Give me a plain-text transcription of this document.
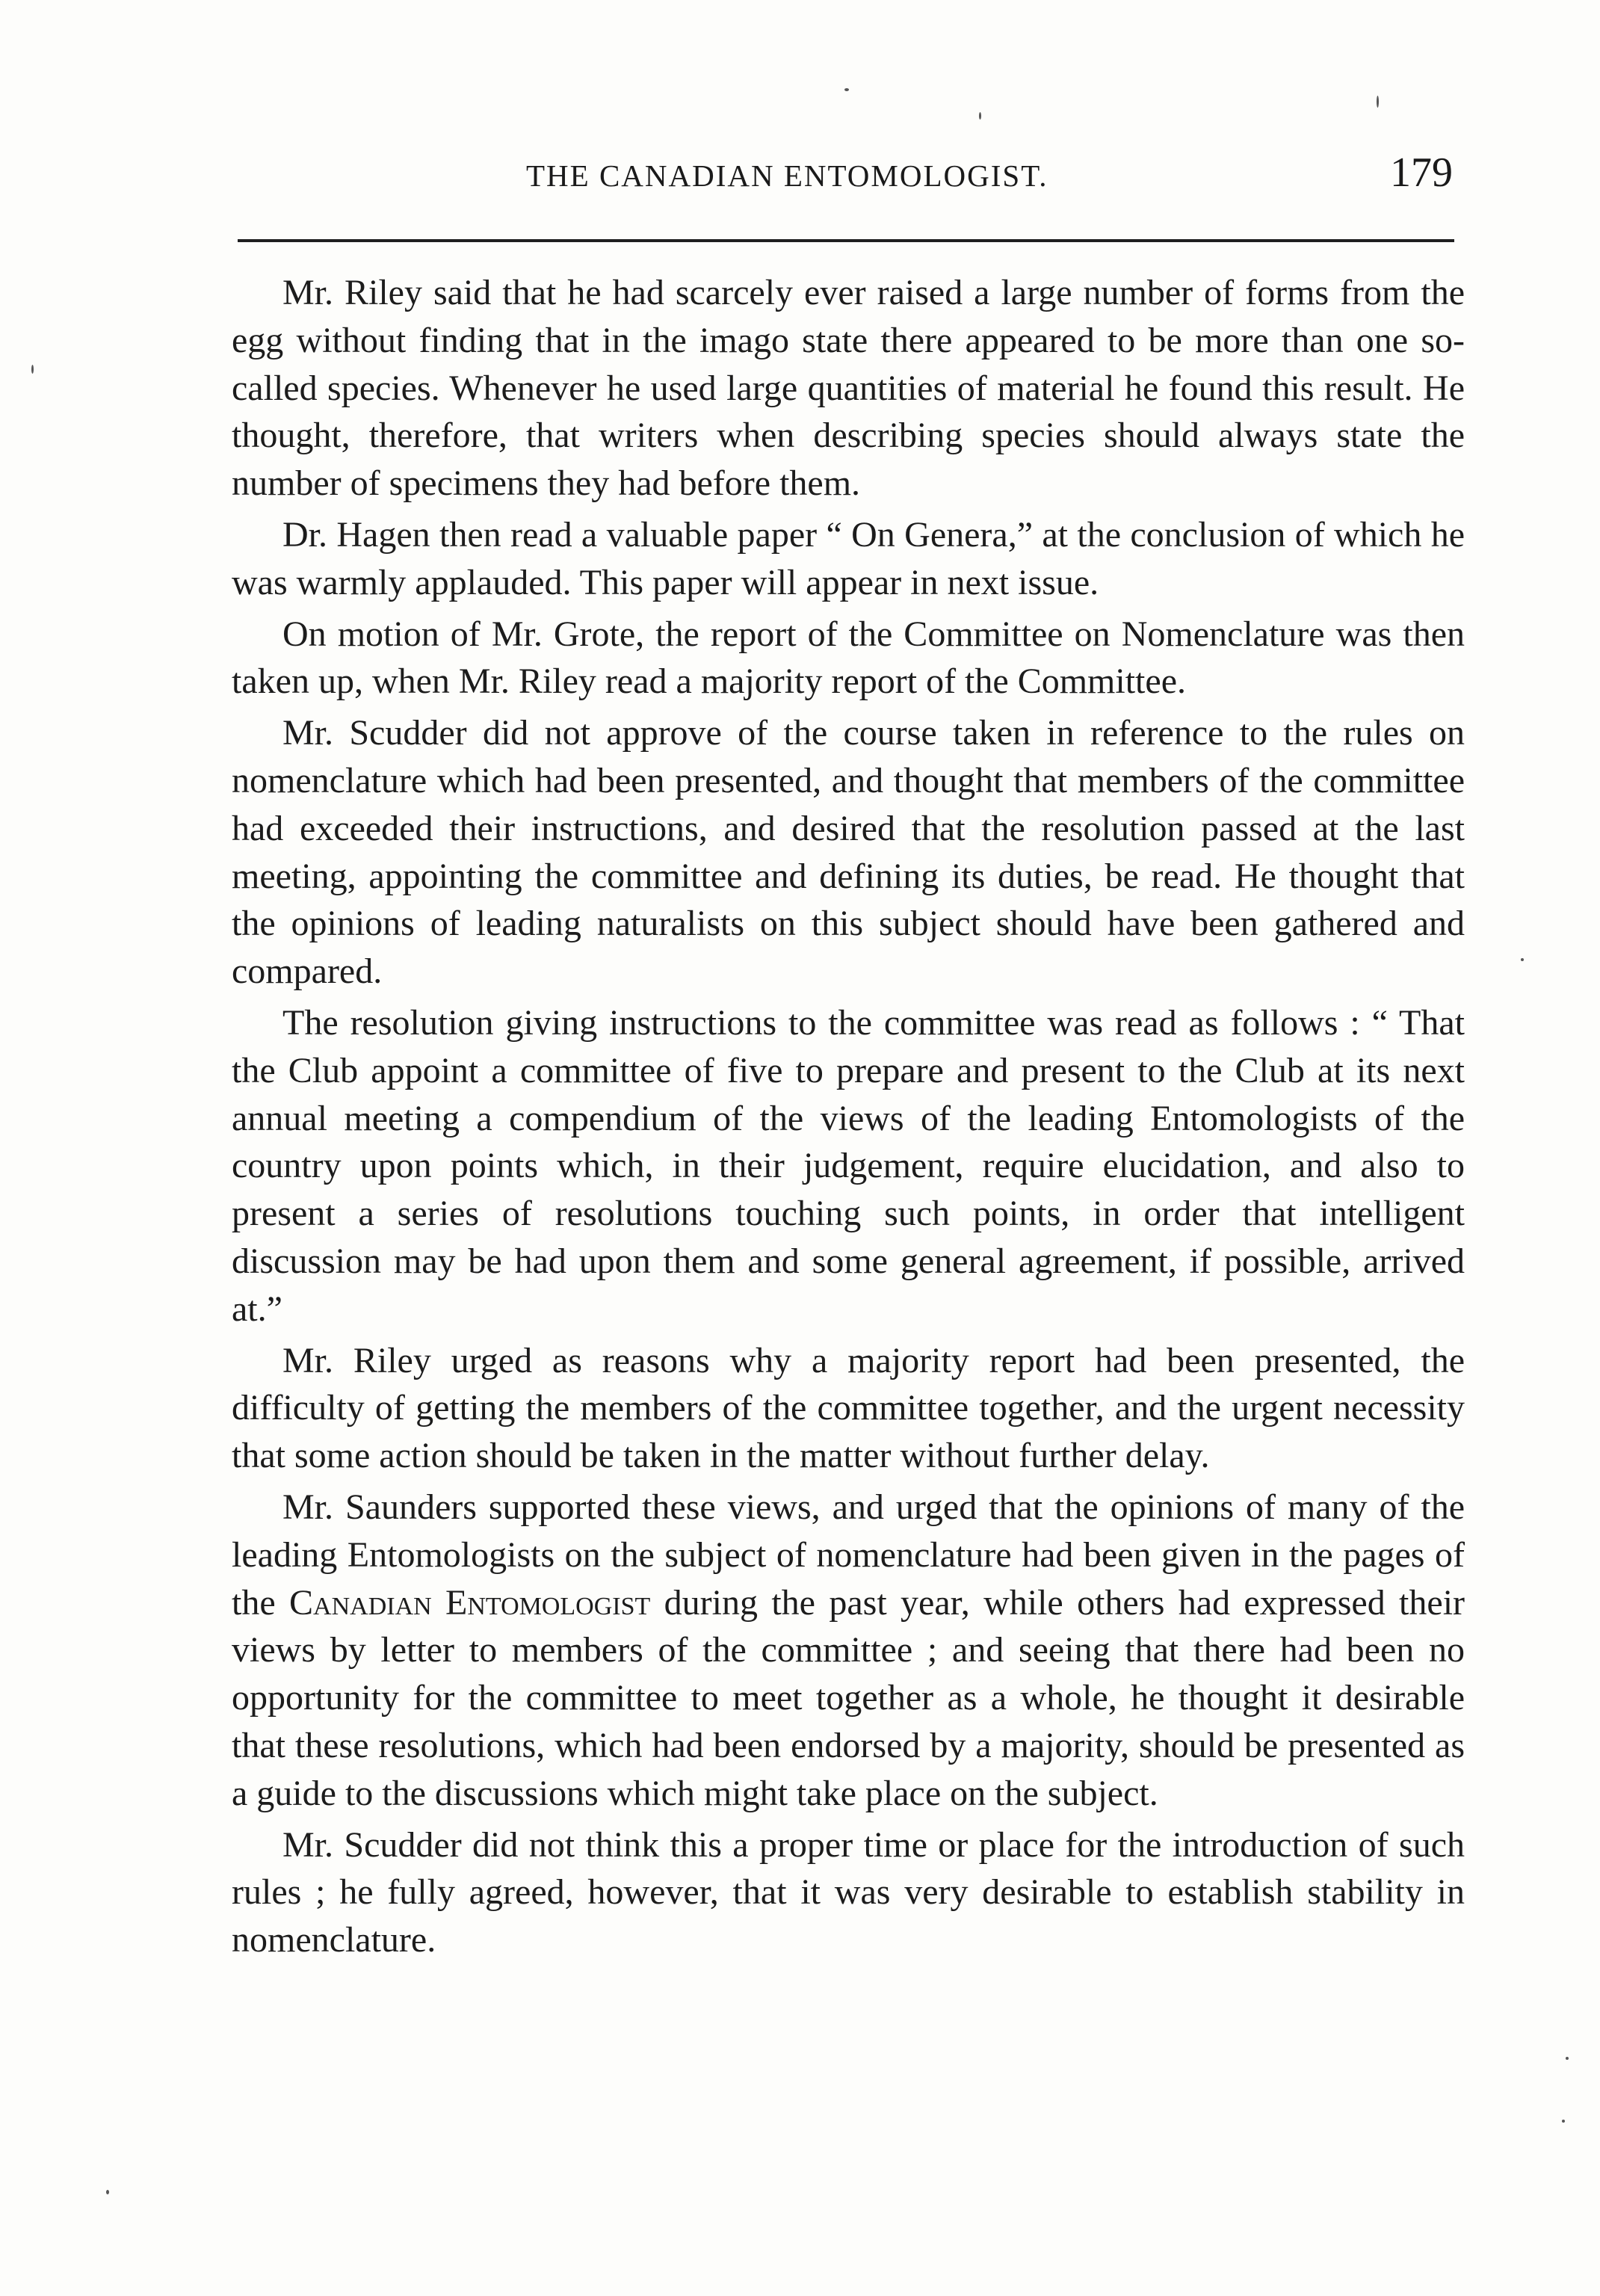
THE CANADIAN ENTOMOLOGIST.	179

Mr. Riley said that he had scarcely ever raised a large number of forms from the egg without finding that in the imago state there appeared to be more than one so-called species. Whenever he used large quantities of material he found this result. He thought, therefore, that writers when describing species should always state the number of specimens they had before them.

Dr. Hagen then read a valuable paper “ On Genera,” at the conclusion of which he was warmly applauded. This paper will appear in next issue.

On motion of Mr. Grote, the report of the Committee on Nomenclature was then taken up, when Mr. Riley read a majority report of the Committee.

Mr. Scudder did not approve of the course taken in reference to the rules on nomenclature which had been presented, and thought that members of the committee had exceeded their instructions, and desired that the resolution passed at the last meeting, appointing the committee and defining its duties, be read. He thought that the opinions of leading naturalists on this subject should have been gathered and compared.

The resolution giving instructions to the committee was read as follows : “ That the Club appoint a committee of five to prepare and present to the Club at its next annual meeting a compendium of the views of the leading Entomologists of the country upon points which, in their judgement, require elucidation, and also to present a series of resolutions touching such points, in order that intelligent discussion may be had upon them and some general agreement, if possible, arrived at.”

Mr. Riley urged as reasons why a majority report had been presented, the difficulty of getting the members of the committee together, and the urgent necessity that some action should be taken in the matter without further delay.

Mr. Saunders supported these views, and urged that the opinions of many of the leading Entomologists on the subject of nomenclature had been given in the pages of the Canadian Entomologist during the past year, while others had expressed their views by letter to members of the committee ; and seeing that there had been no opportunity for the committee to meet together as a whole, he thought it desirable that these resolutions, which had been endorsed by a majority, should be presented as a guide to the discussions which might take place on the subject.

Mr. Scudder did not think this a proper time or place for the introduction of such rules ; he fully agreed, however, that it was very desirable to establish stability in nomenclature.
